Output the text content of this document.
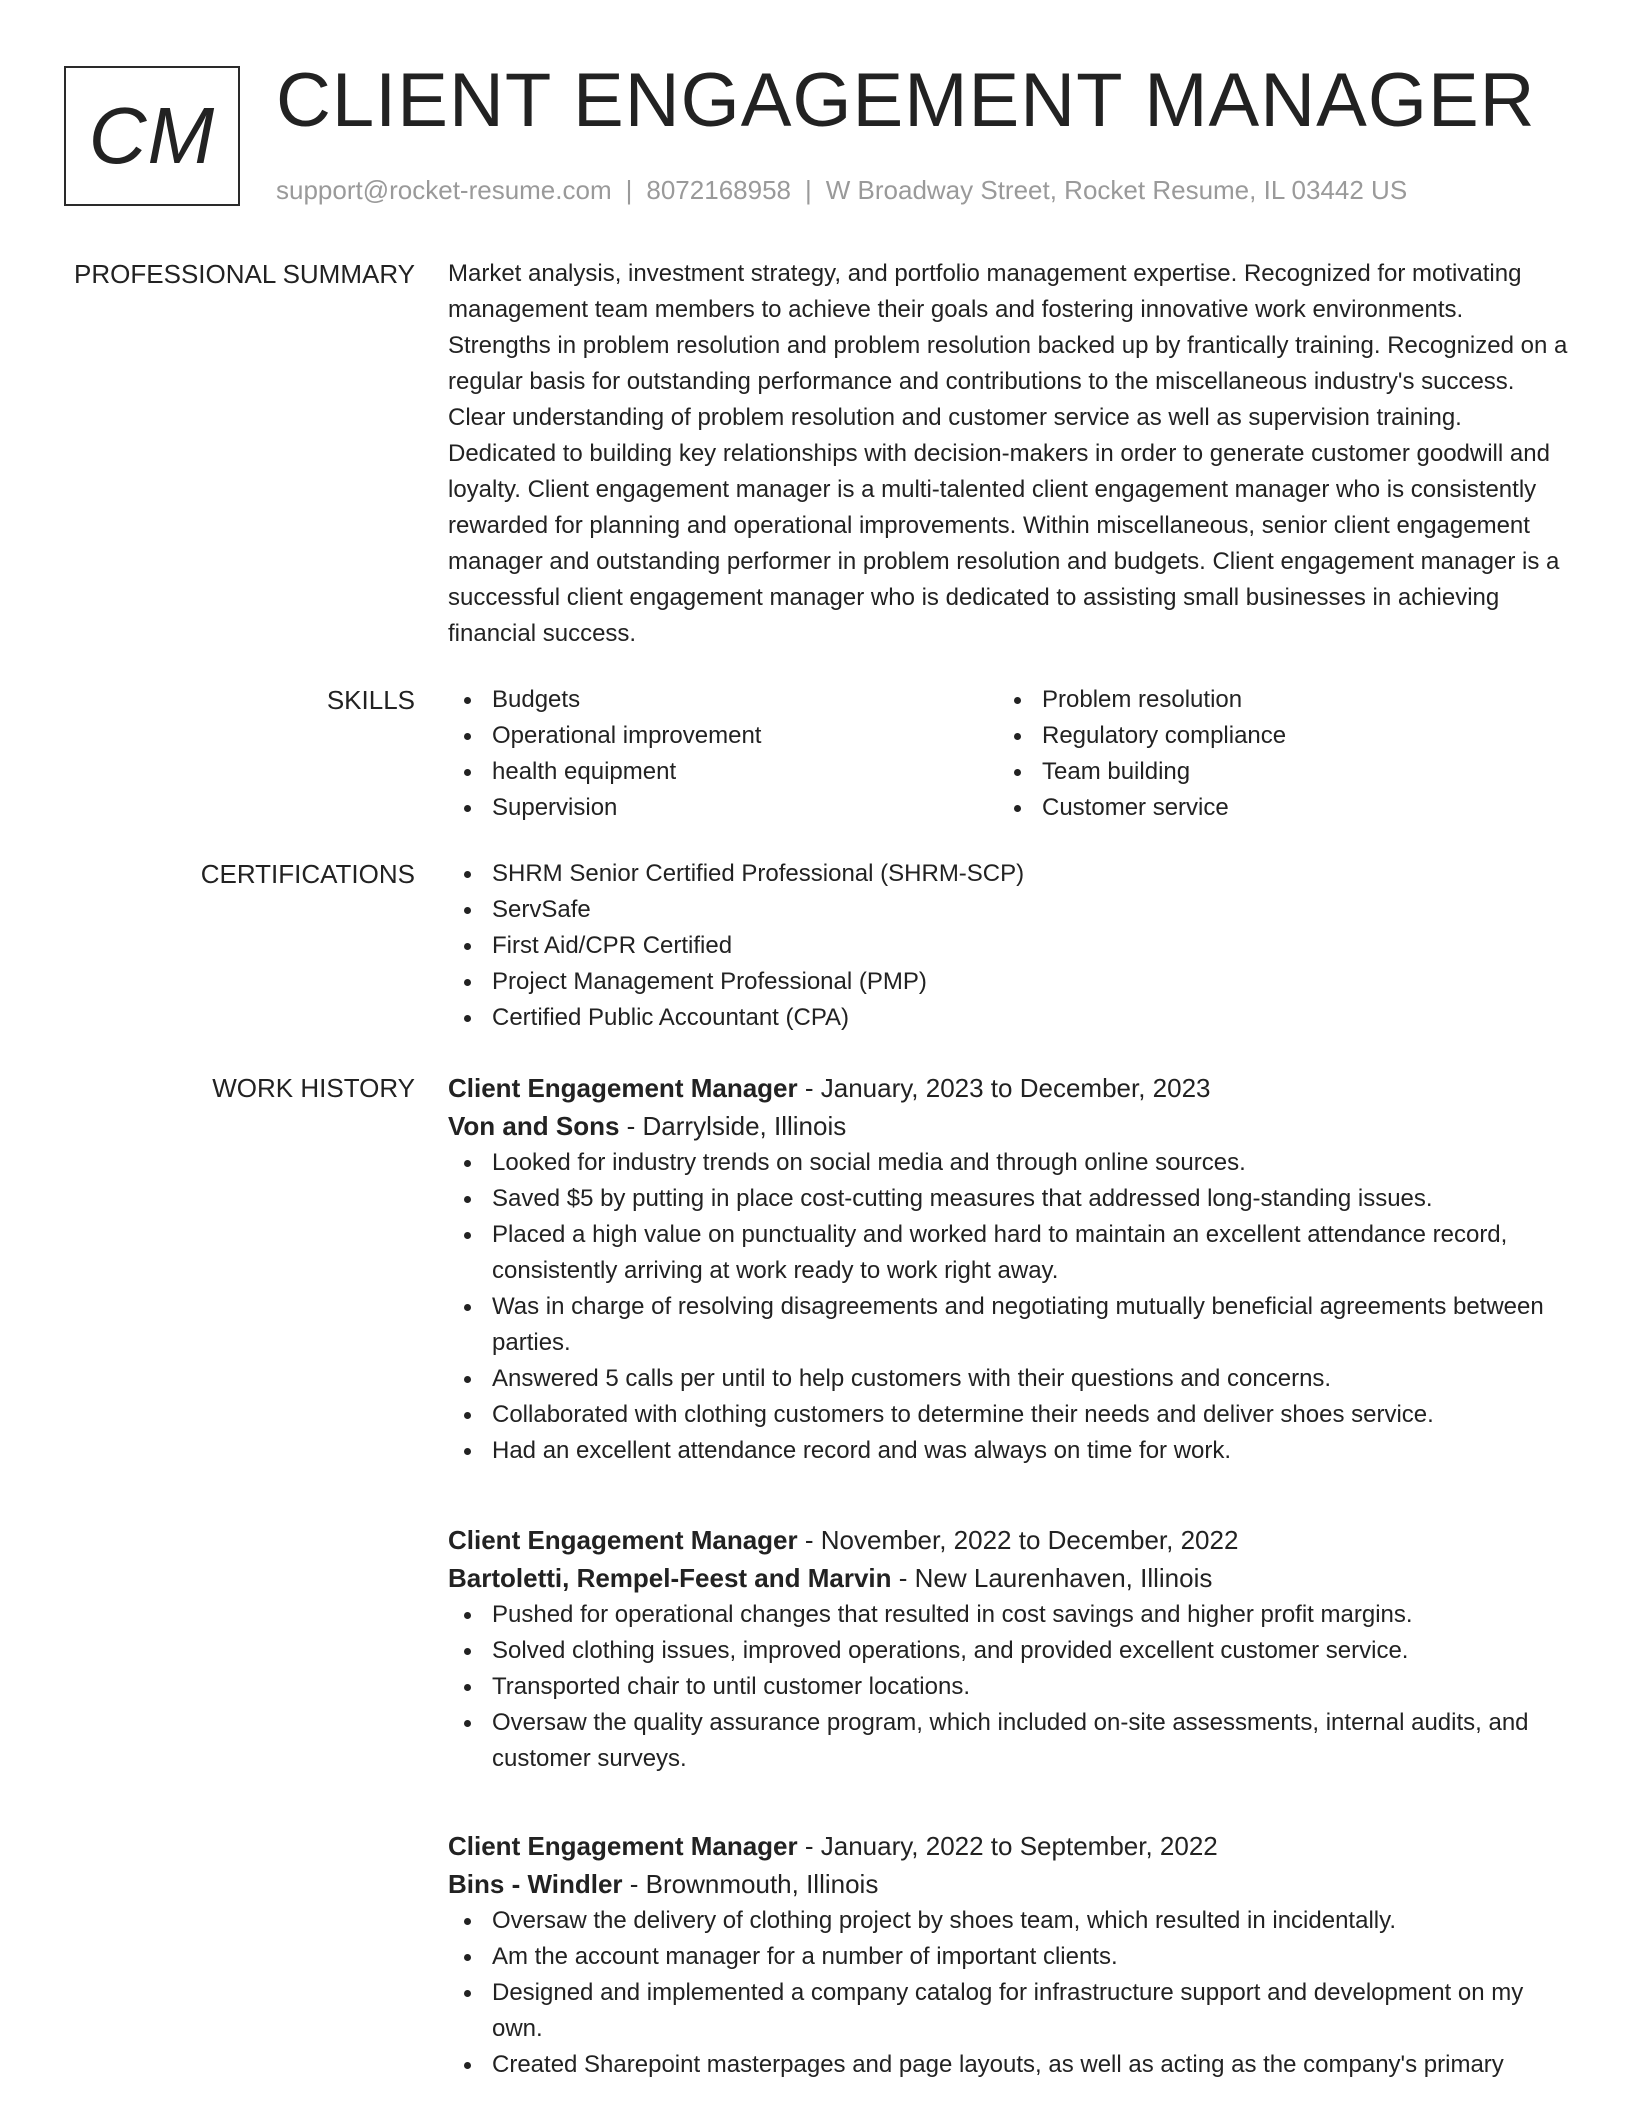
CM CLIENT ENGAGEMENT MANAGER
support@rocket-resume.com | 8072168958 | W Broadway Street, Rocket Resume, IL 03442 US
PROFESSIONAL SUMMARY Market analysis, investment strategy, and portfolio management expertise. Recognized for motivating management team members to achieve their goals and fostering innovative work environments. Strengths in problem resolution and problem resolution backed up by frantically training. Recognized on a regular basis for outstanding performance and contributions to the miscellaneous industry's success. Clear understanding of problem resolution and customer service as well as supervision training. Dedicated to building key relationships with decision-makers in order to generate customer goodwill and loyalty. Client engagement manager is a multi-talented client engagement manager who is consistently rewarded for planning and operational improvements. Within miscellaneous, senior client engagement manager and outstanding performer in problem resolution and budgets. Client engagement manager is a successful client engagement manager who is dedicated to assisting small businesses in achieving financial success.

SKILLS	Budgets
Operational improvement
health equipment
Supervision
Problem resolution
Regulatory compliance
Team building
Customer service
CERTIFICATIONS	SHRM Senior Certified Professional (SHRM-SCP)
ServSafe
First Aid/CPR Certified
Project Management Professional (PMP)
Certified Public Accountant (CPA)
WORK HISTORY Client Engagement Manager - January, 2023 to December, 2023
Von and Sons - Darrylside, Illinois
Looked for industry trends on social media and through online sources.
Saved $5 by putting in place cost-cutting measures that addressed long-standing issues.
Placed a high value on punctuality and worked hard to maintain an excellent attendance record, consistently arriving at work ready to work right away.
Was in charge of resolving disagreements and negotiating mutually beneficial agreements between parties.
Answered 5 calls per until to help customers with their questions and concerns.
Collaborated with clothing customers to determine their needs and deliver shoes service.
Had an excellent attendance record and was always on time for work.
Client Engagement Manager - November, 2022 to December, 2022
Bartoletti, Rempel-Feest and Marvin - New Laurenhaven, Illinois
Pushed for operational changes that resulted in cost savings and higher profit margins.
Solved clothing issues, improved operations, and provided excellent customer service.
Transported chair to until customer locations.
Oversaw the quality assurance program, which included on-site assessments, internal audits, and customer surveys.
Client Engagement Manager - January, 2022 to September, 2022
Bins - Windler - Brownmouth, Illinois
Oversaw the delivery of clothing project by shoes team, which resulted in incidentally.
Am the account manager for a number of important clients.
Designed and implemented a company catalog for infrastructure support and development on my own.
Created Sharepoint masterpages and page layouts, as well as acting as the company's primary
